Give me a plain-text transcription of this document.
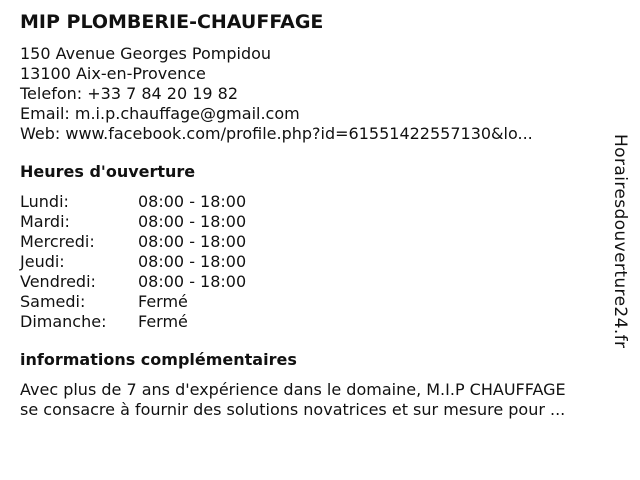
MIP PLOMBERIE-CHAUFFAGE
150 Avenue Georges Pompidou
13100 Aix-en-Provence
Telefon: +33 7 84 20 19 82
Email: m.i.p.chauffage@gmail.com
Web: www.facebook.com/profile.php?id=61551422557130&lo...
Heures d'ouverture
Lundi:	08:00 - 18:00
Mardi:	08:00 - 18:00
Mercredi:	08:00 - 18:00
Jeudi:	08:00 - 18:00
Vendredi:	08:00 - 18:00
Samedi:	Fermé
Dimanche:	Fermé
informations complémentaires
Avec plus de 7 ans d'expérience dans le domaine, M.I.P CHAUFFAGE
se consacre à fournir des solutions novatrices et sur mesure pour ...
Horairesdouverture24.fr
